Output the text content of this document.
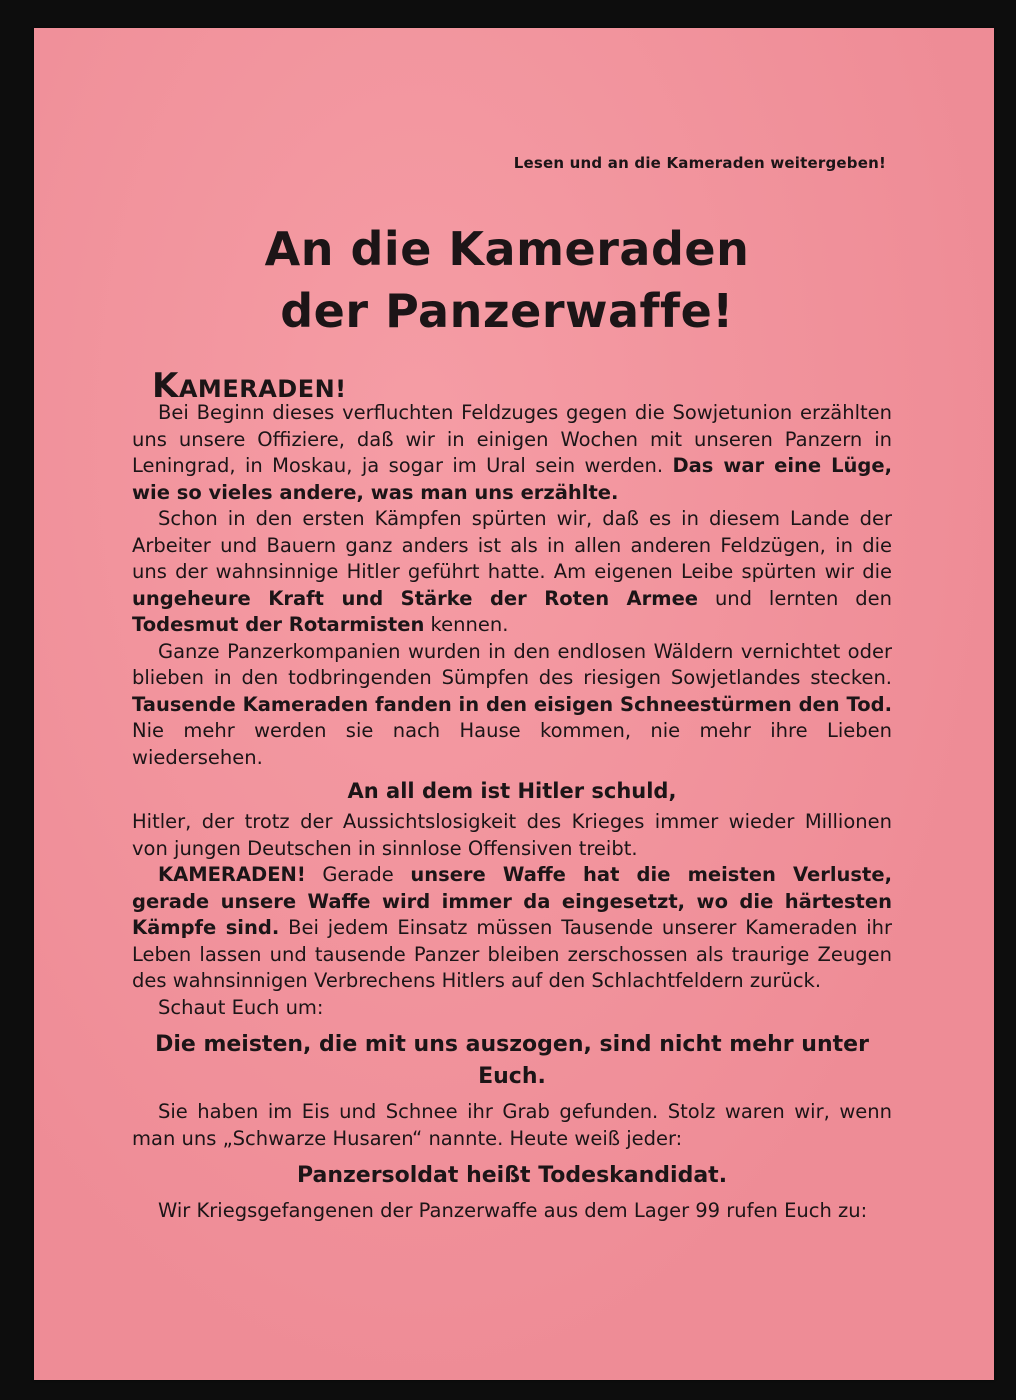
Lesen und an die Kameraden weitergeben!
An die Kameraden
der Panzerwaffe!
KAMERADEN!

Bei Beginn dieses verfluchten Feldzuges gegen die Sowjetunion erzählten uns unsere Offiziere, daß wir in einigen Wochen mit unseren Panzern in Leningrad, in Moskau, ja sogar im Ural sein werden. Das war eine Lüge, wie so vieles andere, was man uns erzählte.

Schon in den ersten Kämpfen spürten wir, daß es in diesem Lande der Arbeiter und Bauern ganz anders ist als in allen anderen Feldzügen, in die uns der wahnsinnige Hitler geführt hatte. Am eigenen Leibe spürten wir die ungeheure Kraft und Stärke der Roten Armee und lernten den Todesmut der Rotarmisten kennen.

Ganze Panzerkompanien wurden in den endlosen Wäldern vernichtet oder blieben in den todbringenden Sümpfen des riesigen Sowjetlandes stecken. Tausende Kameraden fanden in den eisigen Schneestürmen den Tod. Nie mehr werden sie nach Hause kommen, nie mehr ihre Lieben wiedersehen.

An all dem ist Hitler schuld,

Hitler, der trotz der Aussichtslosigkeit des Krieges immer wieder Millionen von jungen Deutschen in sinnlose Offensiven treibt.

KAMERADEN! Gerade unsere Waffe hat die meisten Verluste, gerade unsere Waffe wird immer da eingesetzt, wo die härtesten Kämpfe sind. Bei jedem Einsatz müssen Tausende unserer Kameraden ihr Leben lassen und tausende Panzer bleiben zerschossen als traurige Zeugen des wahnsinnigen Verbrechens Hitlers auf den Schlachtfeldern zurück.

Schaut Euch um:

Die meisten, die mit uns auszogen, sind nicht mehr unter Euch.

Sie haben im Eis und Schnee ihr Grab gefunden. Stolz waren wir, wenn man uns „Schwarze Husaren“ nannte. Heute weiß jeder:

Panzersoldat heißt Todeskandidat.

Wir Kriegsgefangenen der Panzerwaffe aus dem Lager 99 rufen Euch zu:
